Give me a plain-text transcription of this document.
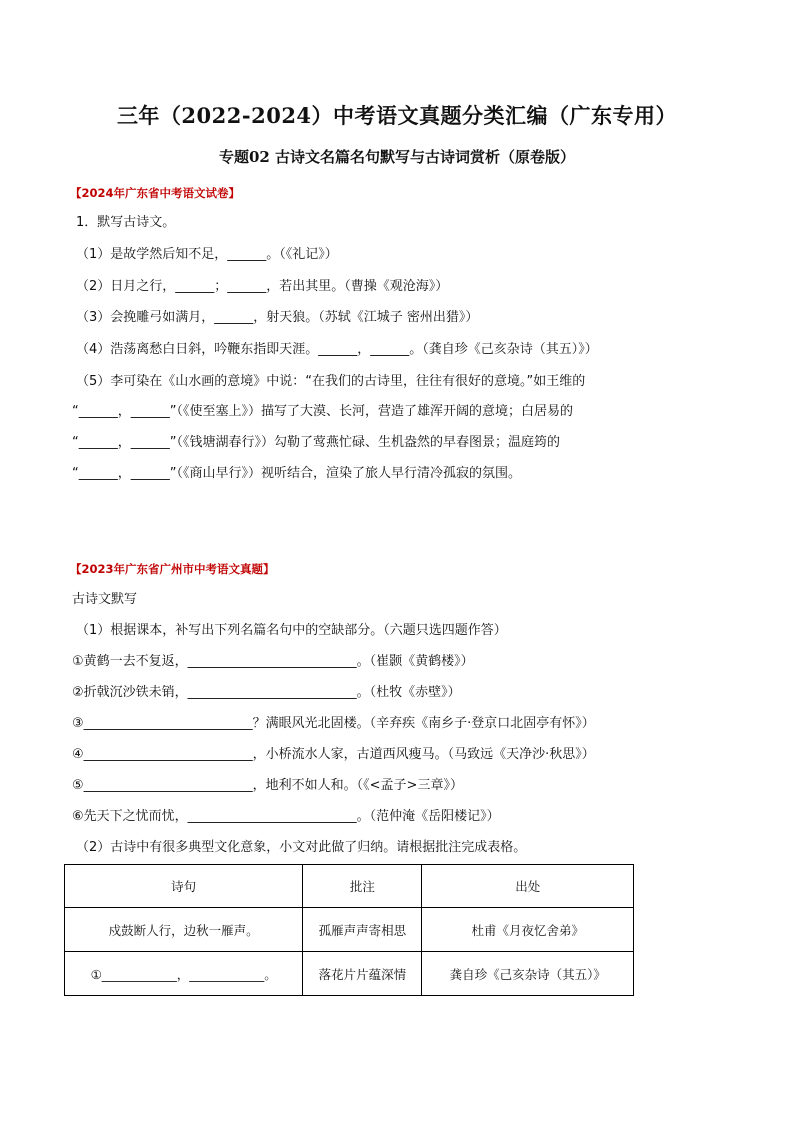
三年（2022-2024）中考语文真题分类汇编（广东专用）
专题02 古诗文名篇名句默写与古诗词赏析（原卷版）
【2024年广东省中考语文试卷】
1．默写古诗文。
（1）是故学然后知不足，______。（《礼记》）
（2）日月之行，______；______，若出其里。（曹操《观沧海》）
（3）会挽雕弓如满月，______，射天狼。（苏轼《江城子 密州出猎》）
（4）浩荡离愁白日斜，吟鞭东指即天涯。______，______。（龚自珍《己亥杂诗（其五）》）
（5）李可染在《山水画的意境》中说：“在我们的古诗里，往往有很好的意境。”如王维的
“______，______”（《使至塞上》）描写了大漠、长河，营造了雄浑开阔的意境；白居易的
“______，______”（《钱塘湖春行》）勾勒了莺燕忙碌、生机盎然的早春图景；温庭筠的
“______，______”（《商山早行》）视听结合，渲染了旅人早行清冷孤寂的氛围。
【2023年广东省广州市中考语文真题】
古诗文默写
（1）根据课本，补写出下列名篇名句中的空缺部分。（六题只选四题作答）
①黄鹤一去不复返，__________________________。（崔颢《黄鹤楼》）
②折戟沉沙铁未销，__________________________。（杜牧《赤壁》）
③__________________________？满眼风光北固楼。（辛弃疾《南乡子·登京口北固亭有怀》）
④__________________________，小桥流水人家，古道西风瘦马。（马致远《天净沙·秋思》）
⑤__________________________，地利不如人和。（《<孟子>三章》）
⑥先天下之忧而忧，__________________________。（范仲淹《岳阳楼记》）
（2）古诗中有很多典型文化意象，小文对此做了归纳。请根据批注完成表格。
诗句	批注	出处
戍鼓断人行，边秋一雁声。	孤雁声声寄相思	杜甫《月夜忆舍弟》
①____________，____________。	落花片片蕴深情	龚自珍《己亥杂诗（其五）》
